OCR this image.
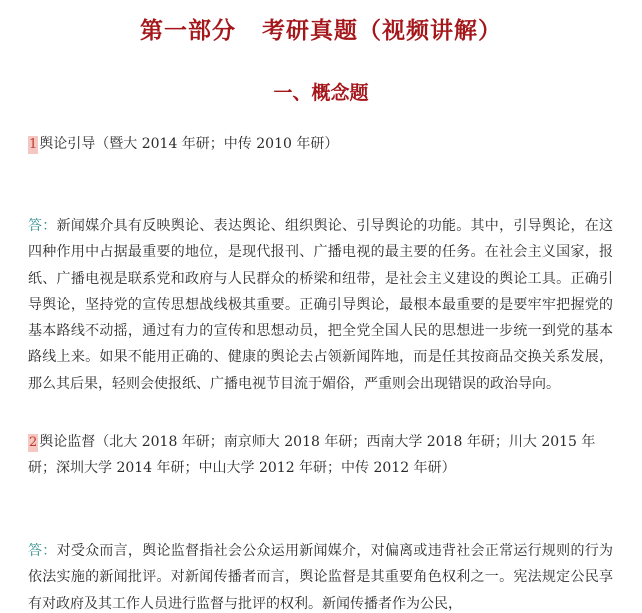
第一部分 考研真题（视频讲解）
一、概念题
1 舆论引导（暨大 2014 年研；中传 2010 年研）
答：新闻媒介具有反映舆论、表达舆论、组织舆论、引导舆论的功能。其中，引导舆论，在这四种作用中占据最重要的地位，是现代报刊、广播电视的最主要的任务。在社会主义国家，报纸、广播电视是联系党和政府与人民群众的桥梁和纽带，是社会主义建设的舆论工具。正确引导舆论，坚持党的宣传思想战线极其重要。正确引导舆论，最根本最重要的是要牢牢把握党的基本路线不动摇，通过有力的宣传和思想动员，把全党全国人民的思想进一步统一到党的基本路线上来。如果不能用正确的、健康的舆论去占领新闻阵地，而是任其按商品交换关系发展，那么其后果，轻则会使报纸、广播电视节目流于媚俗，严重则会出现错误的政治导向。
2 舆论监督（北大 2018 年研；南京师大 2018 年研；西南大学 2018 年研；川大 2015 年研；深圳大学 2014 年研；中山大学 2012 年研；中传 2012 年研）
答：对受众而言，舆论监督指社会公众运用新闻媒介，对偏离或违背社会正常运行规则的行为依法实施的新闻批评。对新闻传播者而言，舆论监督是其重要角色权利之一。宪法规定公民享有对政府及其工作人员进行监督与批评的权利。新闻传播者作为公民，
